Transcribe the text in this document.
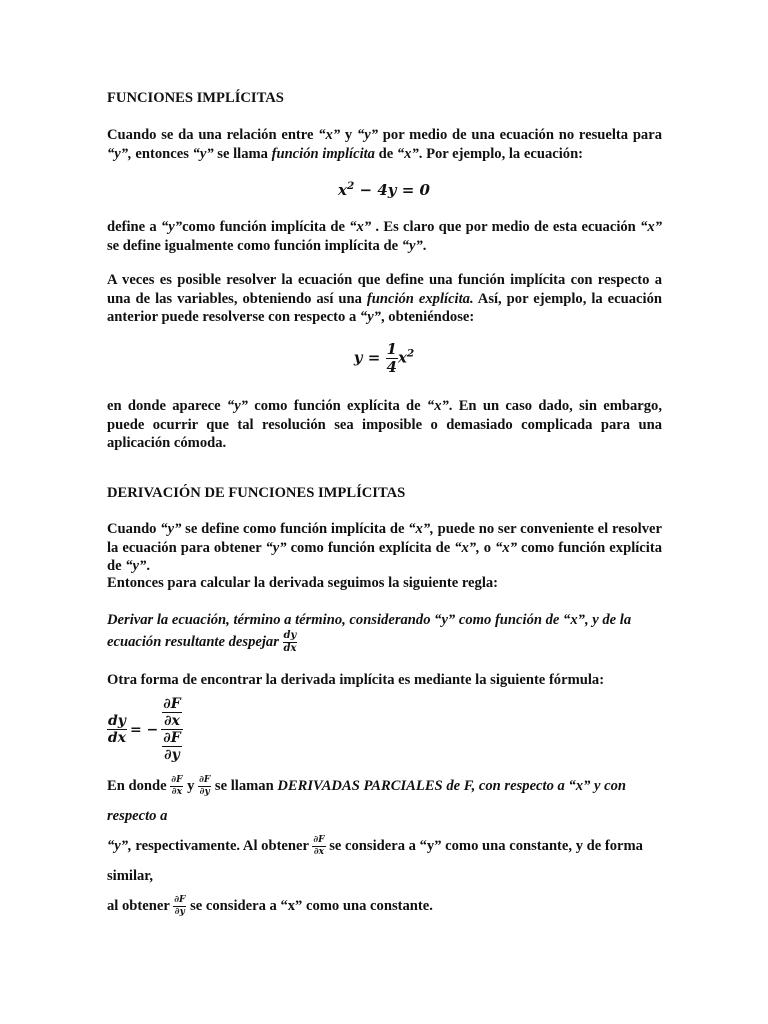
FUNCIONES IMPLÍCITAS

Cuando se da una relación entre “x” y “y” por medio de una ecuación no resuelta para “y”, entonces “y” se llama función implícita de “x”. Por ejemplo, la ecuación:

$x^2 - 4y = 0$

define a “y”como función implícita de “x” . Es claro que por medio de esta ecuación “x” se define igualmente como función implícita de “y”.

A veces es posible resolver la ecuación que define una función implícita con respecto a una de las variables, obteniendo así una función explícita. Así, por ejemplo, la ecuación anterior puede resolverse con respecto a “y”, obteniéndose:

$y = \frac{1}{4} x^2$

en donde aparece “y” como función explícita de “x”. En un caso dado, sin embargo, puede ocurrir que tal resolución sea imposible o demasiado complicada para una aplicación cómoda.

DERIVACIÓN DE FUNCIONES IMPLÍCITAS

Cuando “y” se define como función implícita de “x”, puede no ser conveniente el resolver la ecuación para obtener “y” como función explícita de “x”, o “x” como función explícita de “y”.

Entonces para calcular la derivada seguimos la siguiente regla:

Derivar la ecuación, término a término, considerando “y” como función de “x”, y de la
ecuación resultante despejar $\frac{dy}{dx}$

Otra forma de encontrar la derivada implícita es mediante la siguiente fórmula:

$\frac{dy}{dx}$ = − $\frac{\frac{\partial F}{\partial x}}{\frac{\partial F}{\partial y}}$

En donde $\frac{\partial F}{\partial x}$ y $\frac{\partial F}{\partial y}$ se llaman DERIVADAS PARCIALES de F, con respecto a “x” y con respecto a
“y”, respectivamente. Al obtener $\frac{\partial F}{\partial x}$ se considera a “y” como una constante, y de forma similar,
al obtener $\frac{\partial F}{\partial y}$ se considera a “x” como una constante.
